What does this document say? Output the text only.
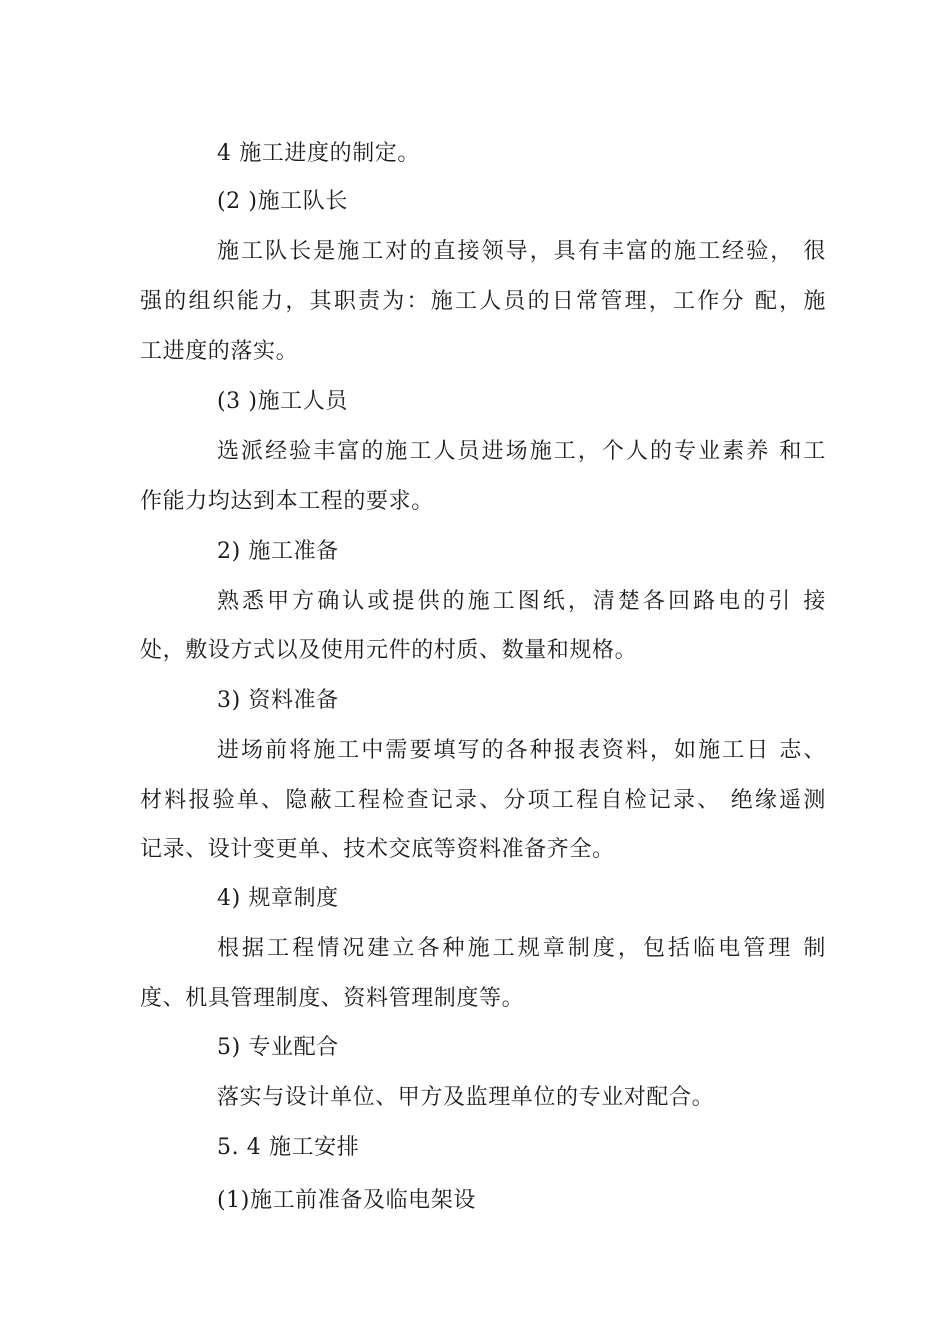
4 施工进度的制定。
(2 )施工队长
施工队长是施工对的直接领导，具有丰富的施工经验， 很
强的组织能力，其职责为：施工人员的日常管理，工作分 配，施
工进度的落实。
(3 )施工人员
选派经验丰富的施工人员进场施工，个人的专业素养 和工
作能力均达到本工程的要求。
2) 施工准备
熟悉甲方确认或提供的施工图纸，清楚各回路电的引 接
处，敷设方式以及使用元件的村质、数量和规格。
3) 资料准备
进场前将施工中需要填写的各种报表资料，如施工日 志、
材料报验单、隐蔽工程检查记录、分项工程自检记录、 绝缘遥测
记录、设计变更单、技术交底等资料准备齐全。
4) 规章制度
根据工程情况建立各种施工规章制度，包括临电管理 制
度、机具管理制度、资料管理制度等。
5) 专业配合
落实与设计单位、甲方及监理单位的专业对配合。
5. 4 施工安排
(1)施工前准备及临电架设
